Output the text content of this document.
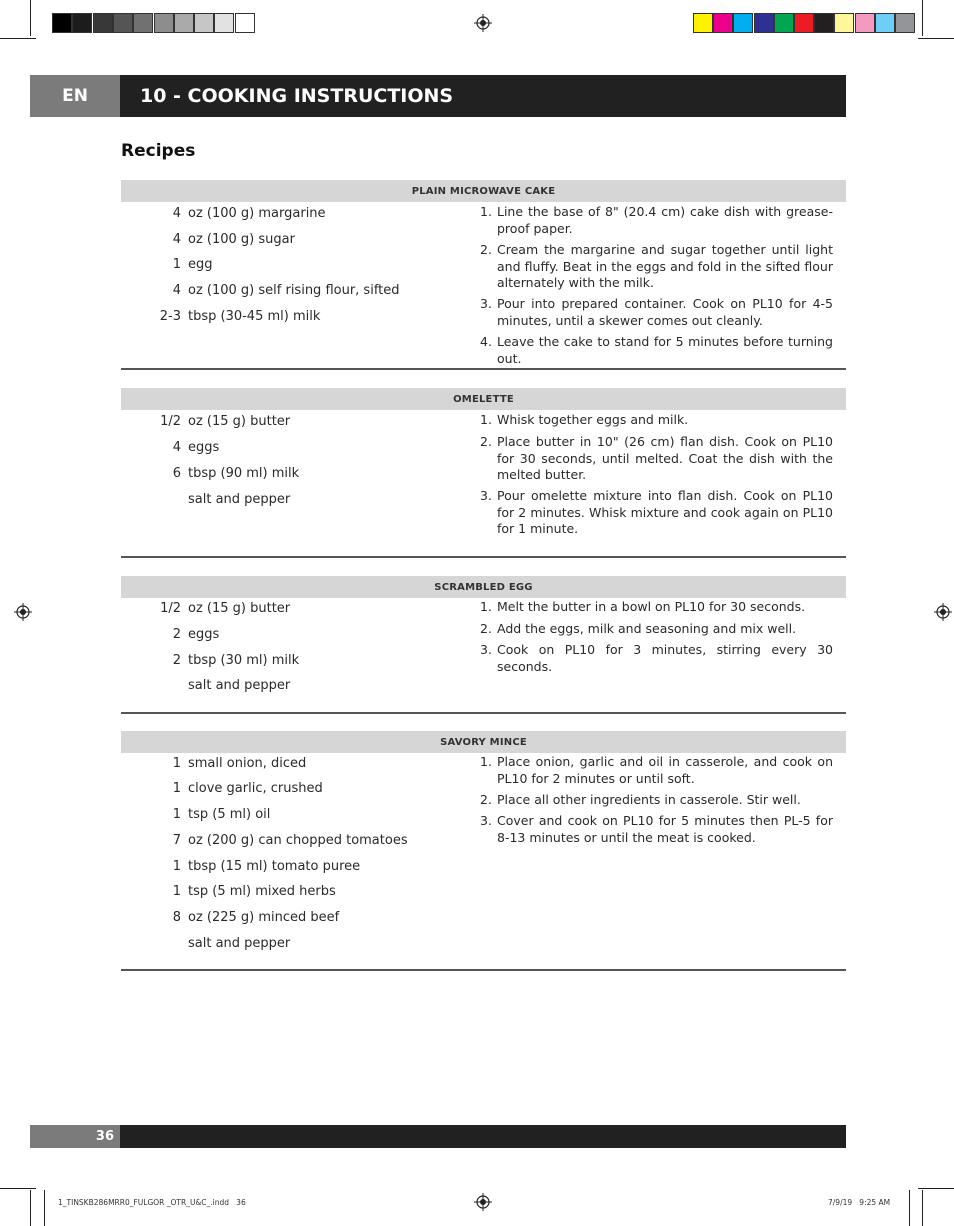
EN	10 - COOKING INSTRUCTIONS
Recipes
PLAIN MICROWAVE CAKE
4 oz (100 g) margarine
4 oz (100 g) sugar
1 egg
4 oz (100 g) self rising flour, sifted
2-3 tbsp (30-45 ml) milk
1. Line the base of 8" (20.4 cm) cake dish with grease-proof paper.
2. Cream the margarine and sugar together until light and fluffy. Beat in the eggs and fold in the sifted flour alternately with the milk.
3. Pour into prepared container. Cook on PL10 for 4-5 minutes, until a skewer comes out cleanly.
4. Leave the cake to stand for 5 minutes before turning out.
OMELETTE
1/2 oz (15 g) butter
4 eggs
6 tbsp (90 ml) milk
salt and pepper
1. Whisk together eggs and milk.
2. Place butter in 10" (26 cm) flan dish. Cook on PL10 for 30 seconds, until melted. Coat the dish with the melted butter.
3. Pour omelette mixture into flan dish. Cook on PL10 for 2 minutes. Whisk mixture and cook again on PL10 for 1 minute.
SCRAMBLED EGG
1/2 oz (15 g) butter
2 eggs
2 tbsp (30 ml) milk
salt and pepper
1. Melt the butter in a bowl on PL10 for 30 seconds.
2. Add the eggs, milk and seasoning and mix well.
3. Cook on PL10 for 3 minutes, stirring every 30 seconds.
SAVORY MINCE
1 small onion, diced
1 clove garlic, crushed
1 tsp (5 ml) oil
7 oz (200 g) can chopped tomatoes
1 tbsp (15 ml) tomato puree
1 tsp (5 ml) mixed herbs
8 oz (225 g) minced beef
salt and pepper
1. Place onion, garlic and oil in casserole, and cook on PL10 for 2 minutes or until soft.
2. Place all other ingredients in casserole. Stir well.
3. Cover and cook on PL10 for 5 minutes then PL-5 for 8-13 minutes or until the meat is cooked.
36
1_TINSKB286MRR0_FULGOR _OTR_U&C_.indd   36	7/9/19   9:25 AM
